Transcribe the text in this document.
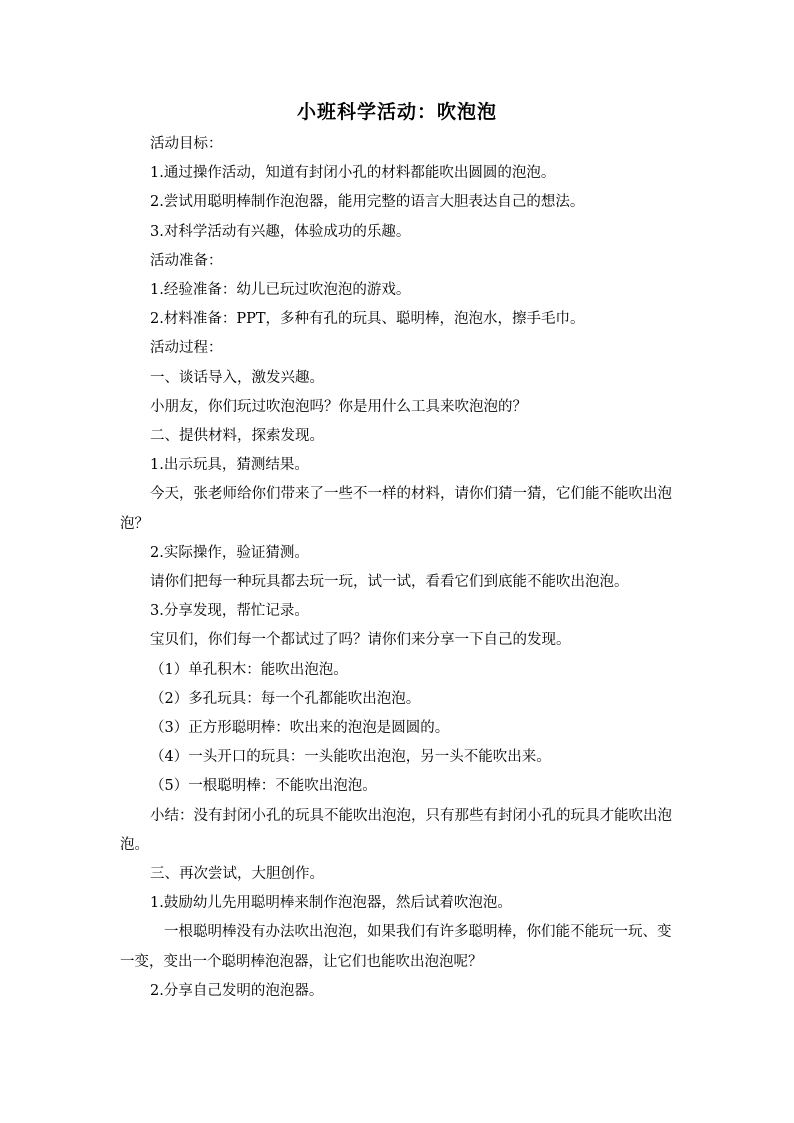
小班科学活动：吹泡泡

活动目标：

1.通过操作活动，知道有封闭小孔的材料都能吹出圆圆的泡泡。

2.尝试用聪明棒制作泡泡器，能用完整的语言大胆表达自己的想法。

3.对科学活动有兴趣，体验成功的乐趣。

活动准备：

1.经验准备：幼儿已玩过吹泡泡的游戏。

2.材料准备：PPT，多种有孔的玩具、聪明棒，泡泡水，擦手毛巾。

活动过程：

一、谈话导入，激发兴趣。

小朋友，你们玩过吹泡泡吗？你是用什么工具来吹泡泡的？

二、提供材料，探索发现。

1.出示玩具，猜测结果。

今天，张老师给你们带来了一些不一样的材料，请你们猜一猜，它们能不能吹出泡泡？

2.实际操作，验证猜测。

请你们把每一种玩具都去玩一玩，试一试，看看它们到底能不能吹出泡泡。

3.分享发现，帮忙记录。

宝贝们，你们每一个都试过了吗？请你们来分享一下自己的发现。

（1）单孔积木：能吹出泡泡。

（2）多孔玩具：每一个孔都能吹出泡泡。

（3）正方形聪明棒：吹出来的泡泡是圆圆的。

（4）一头开口的玩具：一头能吹出泡泡，另一头不能吹出来。

（5）一根聪明棒：不能吹出泡泡。

小结：没有封闭小孔的玩具不能吹出泡泡，只有那些有封闭小孔的玩具才能吹出泡泡。

三、再次尝试，大胆创作。

1.鼓励幼儿先用聪明棒来制作泡泡器，然后试着吹泡泡。

一根聪明棒没有办法吹出泡泡，如果我们有许多聪明棒，你们能不能玩一玩、变一变，变出一个聪明棒泡泡器，让它们也能吹出泡泡呢？

2.分享自己发明的泡泡器。
